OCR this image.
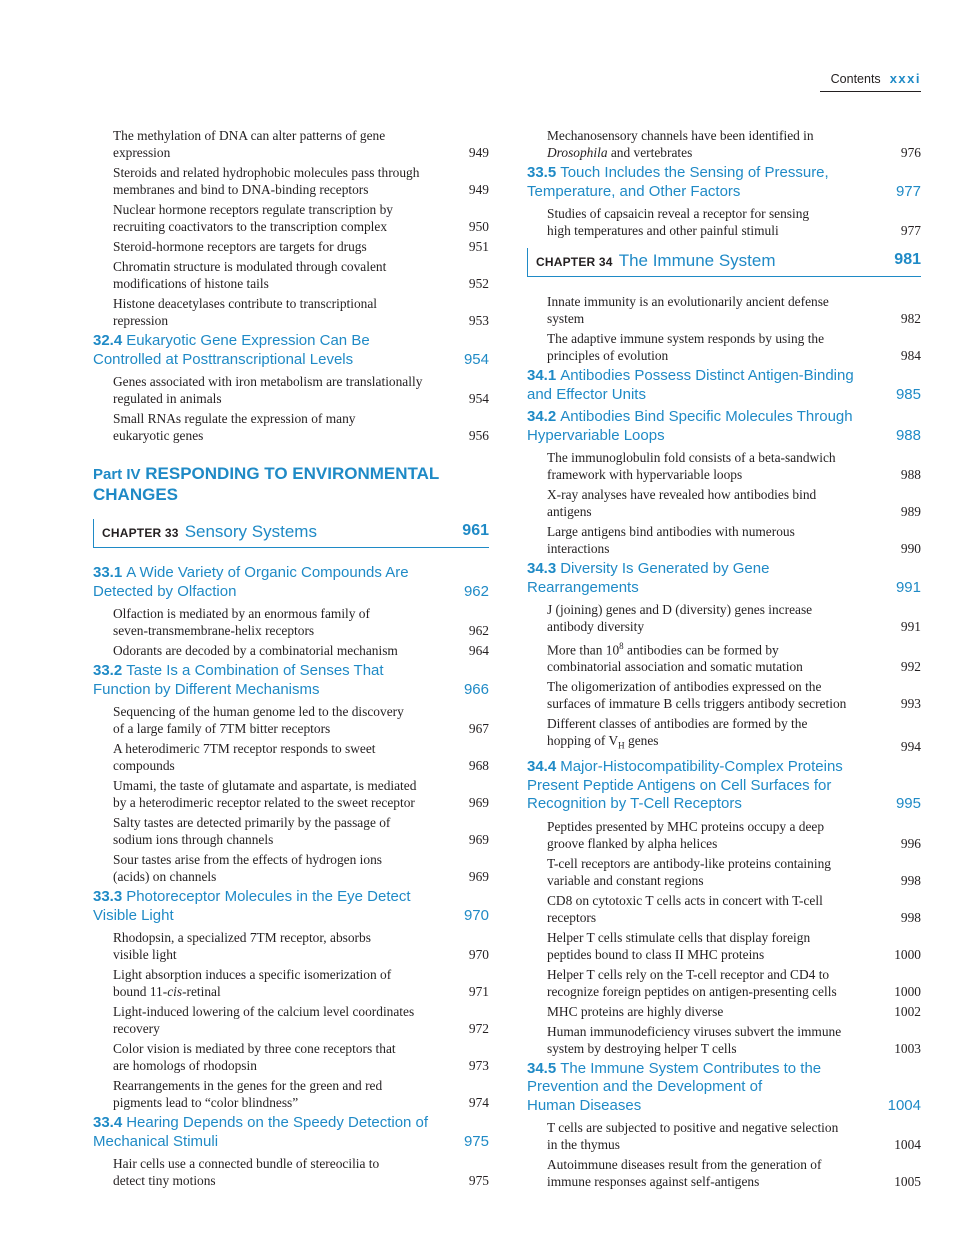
Contents xxxi
The methylation of DNA can alter patterns of gene
expression	949
Steroids and related hydrophobic molecules pass through
membranes and bind to DNA-binding receptors	949
Nuclear hormone receptors regulate transcription by
recruiting coactivators to the transcription complex	950
Steroid-hormone receptors are targets for drugs	951
Chromatin structure is modulated through covalent
modifications of histone tails	952
Histone deacetylases contribute to transcriptional
repression	953
32.4 Eukaryotic Gene Expression Can Be
Controlled at Posttranscriptional Levels	954
Genes associated with iron metabolism are translationally
regulated in animals	954
Small RNAs regulate the expression of many
eukaryotic genes	956
Part IV RESPONDING TO ENVIRONMENTAL
CHANGES
CHAPTER 33 Sensory Systems	961
33.1 A Wide Variety of Organic Compounds Are
Detected by Olfaction	962
Olfaction is mediated by an enormous family of
seven-transmembrane-helix receptors	962
Odorants are decoded by a combinatorial mechanism	964
33.2 Taste Is a Combination of Senses That
Function by Different Mechanisms	966
Sequencing of the human genome led to the discovery
of a large family of 7TM bitter receptors	967
A heterodimeric 7TM receptor responds to sweet
compounds	968
Umami, the taste of glutamate and aspartate, is mediated
by a heterodimeric receptor related to the sweet receptor	969
Salty tastes are detected primarily by the passage of
sodium ions through channels	969
Sour tastes arise from the effects of hydrogen ions
(acids) on channels	969
33.3 Photoreceptor Molecules in the Eye Detect
Visible Light	970
Rhodopsin, a specialized 7TM receptor, absorbs
visible light	970
Light absorption induces a specific isomerization of
bound 11-cis-retinal	971
Light-induced lowering of the calcium level coordinates
recovery	972
Color vision is mediated by three cone receptors that
are homologs of rhodopsin	973
Rearrangements in the genes for the green and red
pigments lead to “color blindness”	974
33.4 Hearing Depends on the Speedy Detection of
Mechanical Stimuli	975
Hair cells use a connected bundle of stereocilia to
detect tiny motions	975
Mechanosensory channels have been identified in
Drosophila and vertebrates	976
33.5 Touch Includes the Sensing of Pressure,
Temperature, and Other Factors	977
Studies of capsaicin reveal a receptor for sensing
high temperatures and other painful stimuli	977
CHAPTER 34 The Immune System	981
Innate immunity is an evolutionarily ancient defense
system	982
The adaptive immune system responds by using the
principles of evolution	984
34.1 Antibodies Possess Distinct Antigen-Binding
and Effector Units	985
34.2 Antibodies Bind Specific Molecules Through
Hypervariable Loops	988
The immunoglobulin fold consists of a beta-sandwich
framework with hypervariable loops	988
X-ray analyses have revealed how antibodies bind
antigens	989
Large antigens bind antibodies with numerous
interactions	990
34.3 Diversity Is Generated by Gene
Rearrangements	991
J (joining) genes and D (diversity) genes increase
antibody diversity	991
More than $10^8$ antibodies can be formed by
combinatorial association and somatic mutation	992
The oligomerization of antibodies expressed on the
surfaces of immature B cells triggers antibody secretion	993
Different classes of antibodies are formed by the
hopping of $V_H$ genes	994
34.4 Major-Histocompatibility-Complex Proteins
Present Peptide Antigens on Cell Surfaces for
Recognition by T-Cell Receptors	995
Peptides presented by MHC proteins occupy a deep
groove flanked by alpha helices	996
T-cell receptors are antibody-like proteins containing
variable and constant regions	998
CD8 on cytotoxic T cells acts in concert with T-cell
receptors	998
Helper T cells stimulate cells that display foreign
peptides bound to class II MHC proteins	1000
Helper T cells rely on the T-cell receptor and CD4 to
recognize foreign peptides on antigen-presenting cells	1000
MHC proteins are highly diverse	1002
Human immunodeficiency viruses subvert the immune
system by destroying helper T cells	1003
34.5 The Immune System Contributes to the
Prevention and the Development of
Human Diseases	1004
T cells are subjected to positive and negative selection
in the thymus	1004
Autoimmune diseases result from the generation of
immune responses against self-antigens	1005
